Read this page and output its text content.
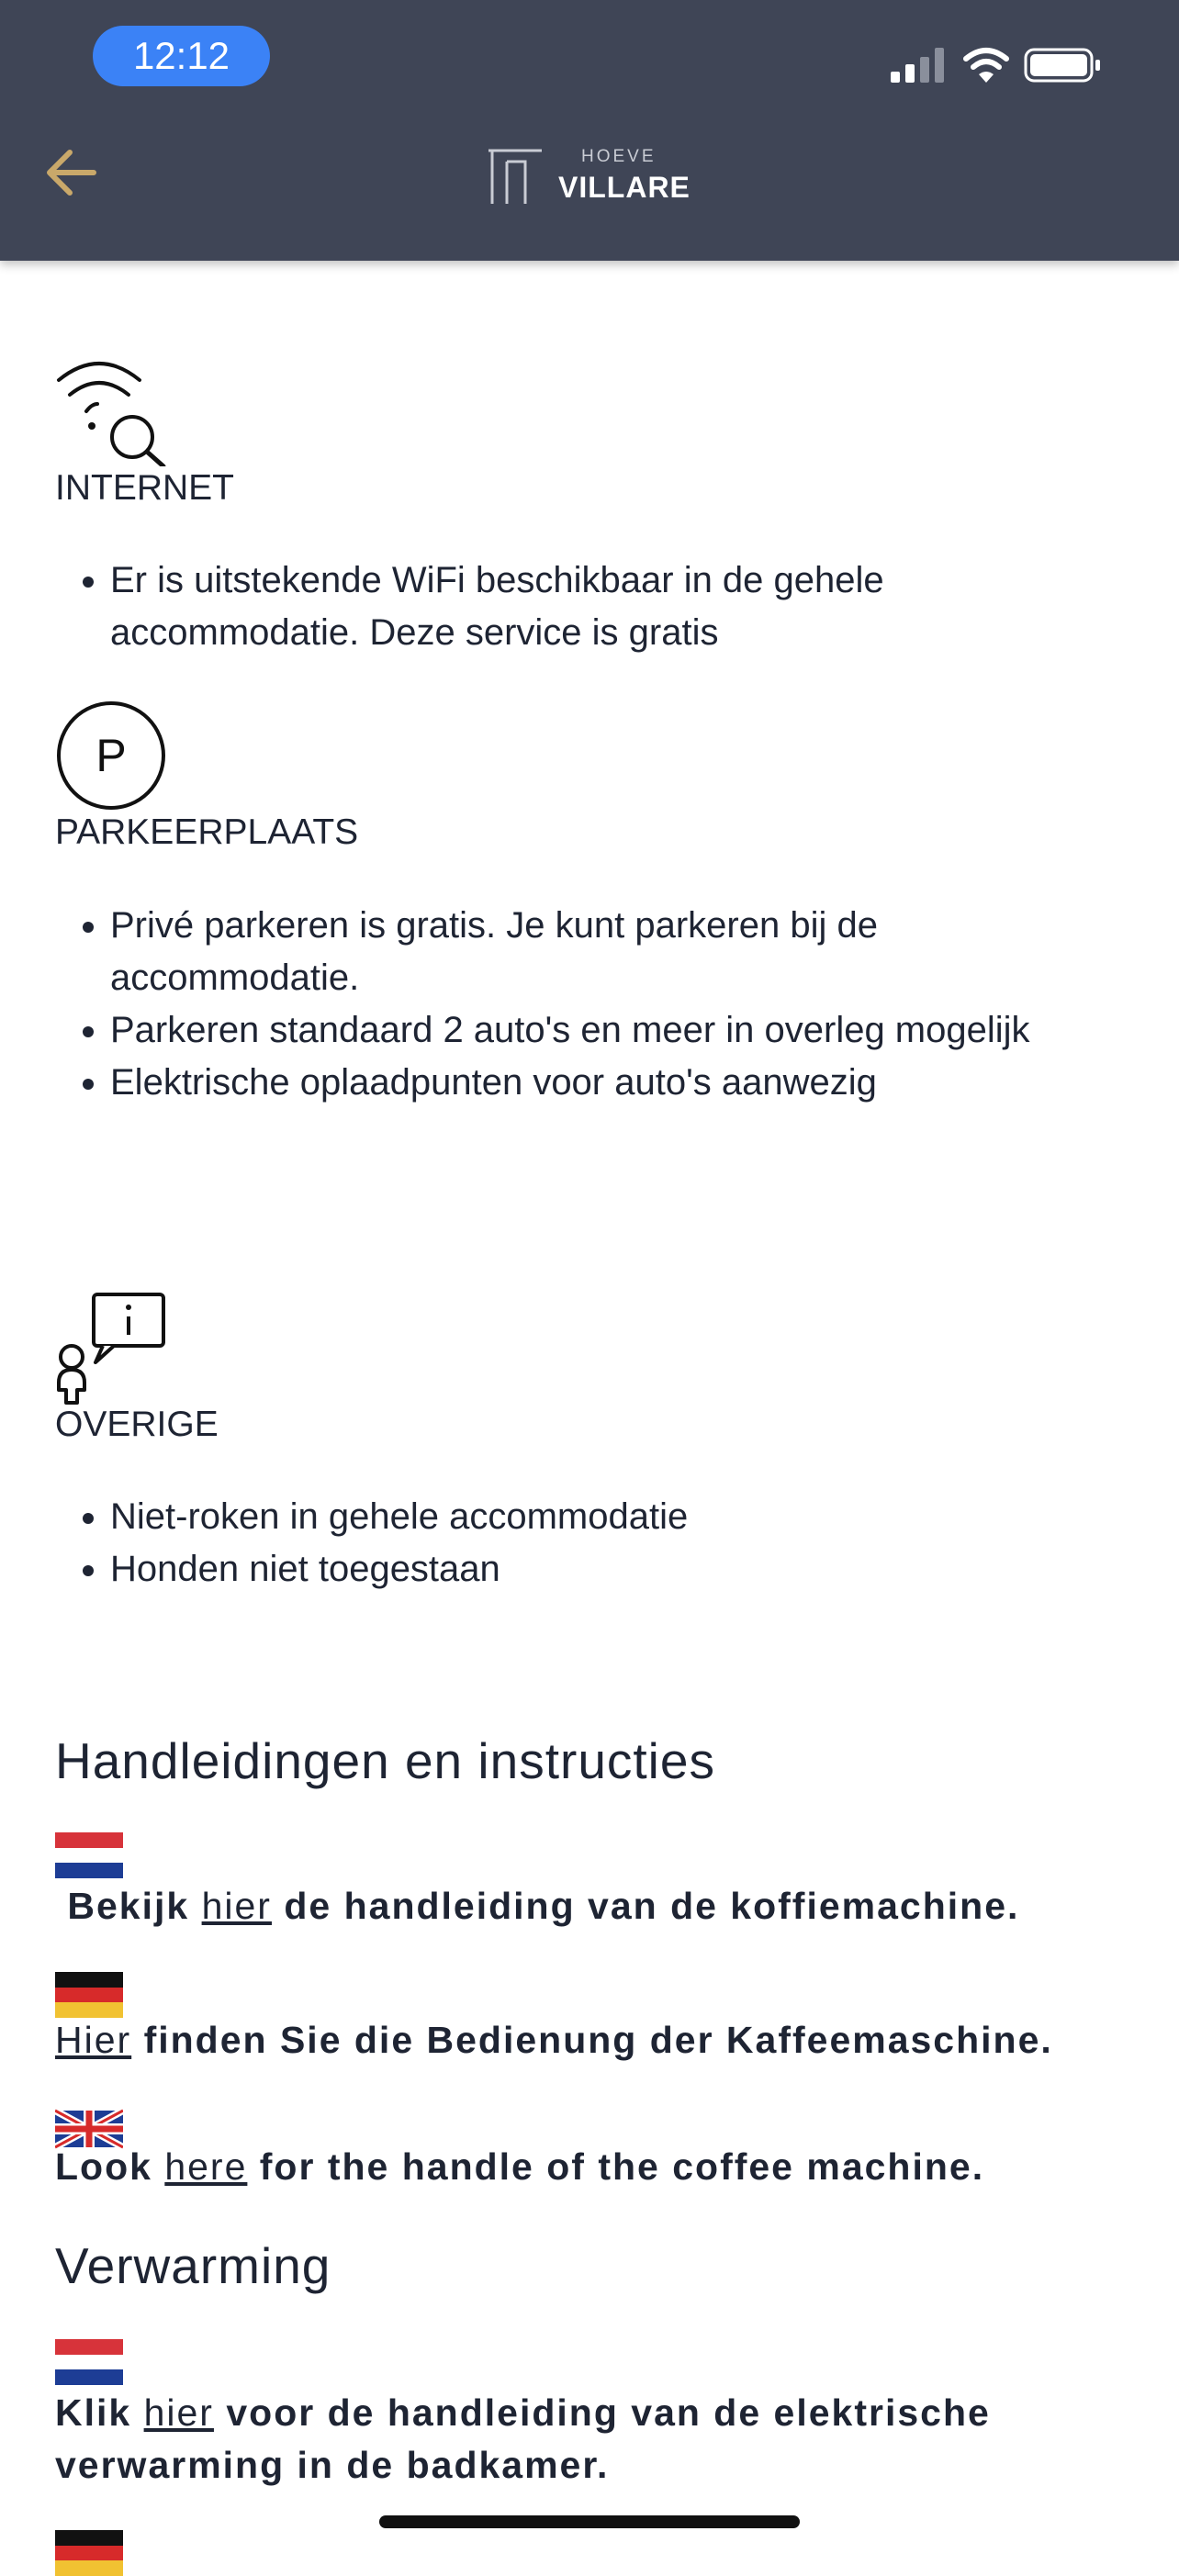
12:12
HOEVE
VILLARE
INTERNET
• Er is uitstekende WiFi beschikbaar in de gehele accommodatie. Deze service is gratis
P
PARKEERPLAATS
• Privé parkeren is gratis. Je kunt parkeren bij de accommodatie.
• Parkeren standaard 2 auto's en meer in overleg mogelijk
• Elektrische oplaadpunten voor auto's aanwezig
OVERIGE
• Niet-roken in gehele accommodatie
• Honden niet toegestaan
Handleidingen en instructies
Bekijk hier de handleiding van de koffiemachine.
Hier finden Sie die Bedienung der Kaffeemaschine.
Look here for the handle of the coffee machine.
Verwarming
Klik hier voor de handleiding van de elektrische verwarming in de badkamer.
